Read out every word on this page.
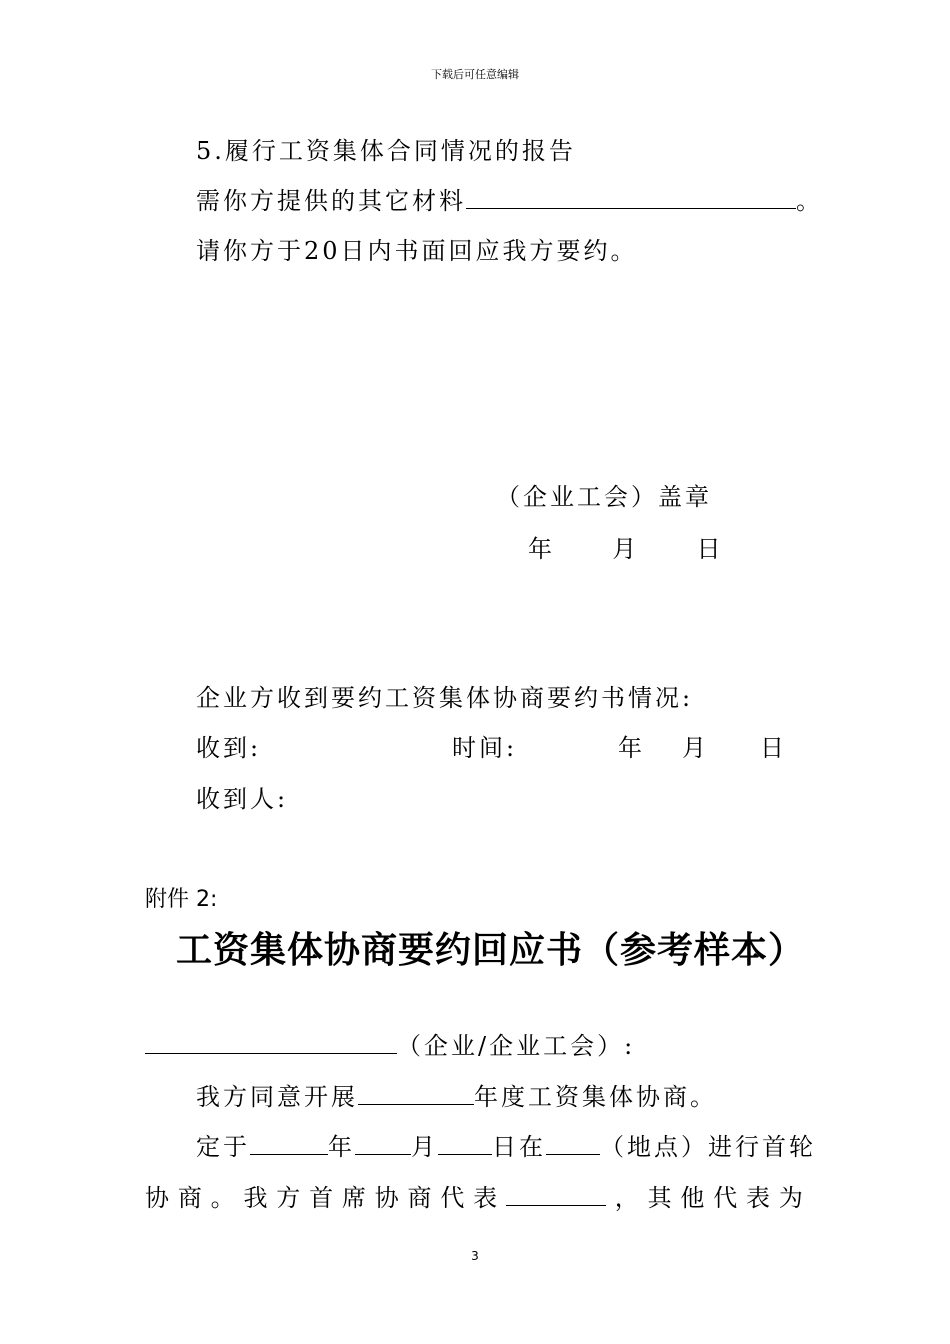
下载后可任意编辑
5.履行工资集体合同情况的报告
需你方提供的其它材料	。
请你方于20日内书面回应我方要约。
（企业工会）盖章
年 月 日
企业方收到要约工资集体协商要约书情况:
收到:	时间:	年 月 日
收到人:
附件 2:
工资集体协商要约回应书（参考样本）
（企业/企业工会）:
我方同意开展	年度工资集体协商。
定于	年 月 日在 （地点）进行首轮
协 商 。 我 方 首 席 协 商 代 表	， 其 他 代 表 为
3
